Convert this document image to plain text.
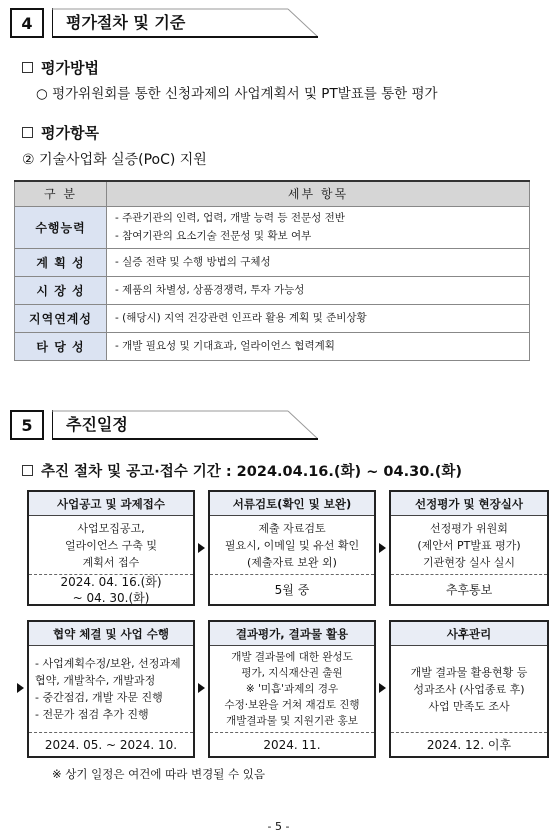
4	평가절차 및 기준
평가방법
○ 평가위원회를 통한 신청과제의 사업계획서 및 PT발표를 통한 평가
평가항목
② 기술사업화 실증(PoC) 지원
구 분	세부 항목
수행능력	- 주관기관의 인력, 업력, 개발 능력 등 전문성 전반
- 참여기관의 요소기술 전문성 및 확보 여부

계 획 성	- 실증 전략 및 수행 방법의 구체성

시 장 성	- 제품의 차별성, 상품경쟁력, 투자 가능성

지역연계성	- (해당시) 지역 건강관련 인프라 활용 계획 및 준비상황

타 당 성	- 개발 필요성 및 기대효과, 얼라이언스 협력계획
5	추진일정
추진 절차 및 공고·접수 기간 : 2024.04.16.(화) ~ 04.30.(화)
사업공고 및 과제접수
사업모집공고,
얼라이언스 구축 및
계획서 접수
2024. 04. 16.(화)
~ 04. 30.(화)
서류검토(확인 및 보완)
제출 자료검토
필요시, 이메일 및 유선 확인
(제출자료 보완 외)
5월 중
선정평가 및 현장실사
선정평가 위원회
(제안서 PT발표 평가)
기관현장 실사 실시
추후통보
협약 체결 및 사업 수행
- 사업계획수정/보완, 선정과제
협약, 개발착수, 개발과정
- 중간점검, 개발 자문 진행
- 전문가 점검 추가 진행
2024. 05. ~ 2024. 10.
결과평가, 결과물 활용
개발 결과물에 대한 완성도
평가, 지식재산권 출원
※ '미흡'과제의 경우
수정·보완을 거쳐 재검토 진행
개발결과물 및 지원기관 홍보
2024. 11.
사후관리
개발 결과물 활용현황 등
성과조사 (사업종료 후)
사업 만족도 조사
2024. 12. 이후
※ 상기 일정은 여건에 따라 변경될 수 있음
- 5 -
